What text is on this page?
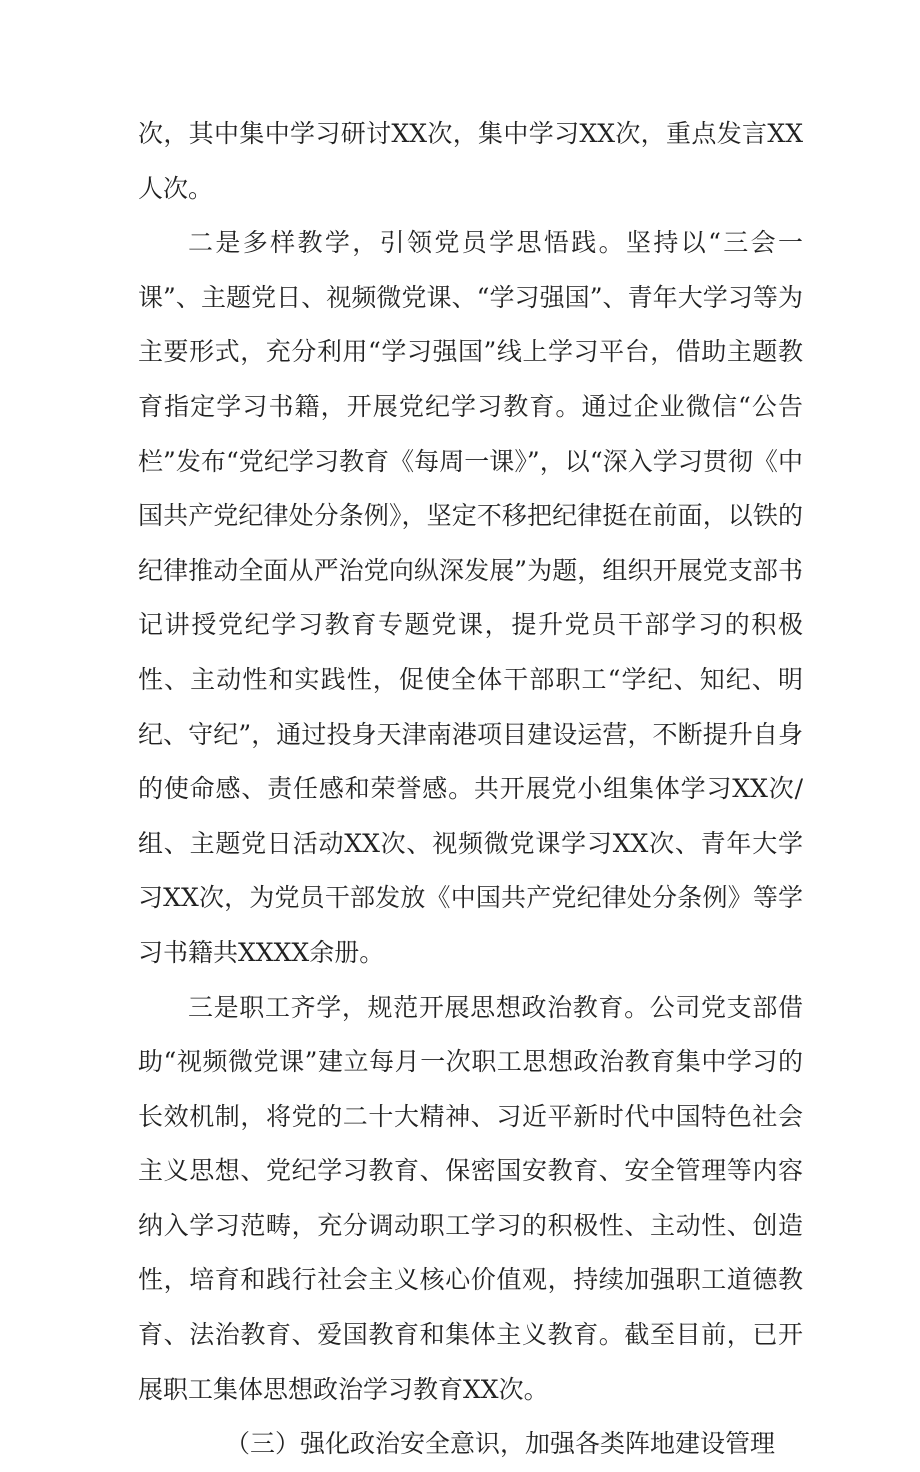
次，其中集中学习研讨XX次，集中学习XX次，重点发言XX人次。

二是多样教学，引领党员学思悟践。坚持以“三会一课”、主题党日、视频微党课、“学习强国”、青年大学习等为主要形式，充分利用“学习强国”线上学习平台，借助主题教育指定学习书籍，开展党纪学习教育。通过企业微信“公告栏”发布“党纪学习教育《每周一课》”，以“深入学习贯彻《中国共产党纪律处分条例》，坚定不移把纪律挺在前面，以铁的纪律推动全面从严治党向纵深发展”为题，组织开展党支部书记讲授党纪学习教育专题党课，提升党员干部学习的积极性、主动性和实践性，促使全体干部职工“学纪、知纪、明纪、守纪”，通过投身天津南港项目建设运营，不断提升自身的使命感、责任感和荣誉感。共开展党小组集体学习XX次/组、主题党日活动XX次、视频微党课学习XX次、青年大学习XX次，为党员干部发放《中国共产党纪律处分条例》等学习书籍共XXXX余册。

三是职工齐学，规范开展思想政治教育。公司党支部借助“视频微党课”建立每月一次职工思想政治教育集中学习的长效机制，将党的二十大精神、习近平新时代中国特色社会主义思想、党纪学习教育、保密国安教育、安全管理等内容纳入学习范畴，充分调动职工学习的积极性、主动性、创造性，培育和践行社会主义核心价值观，持续加强职工道德教育、法治教育、爱国教育和集体主义教育。截至目前，已开展职工集体思想政治学习教育XX次。

（三）强化政治安全意识，加强各类阵地建设管理
